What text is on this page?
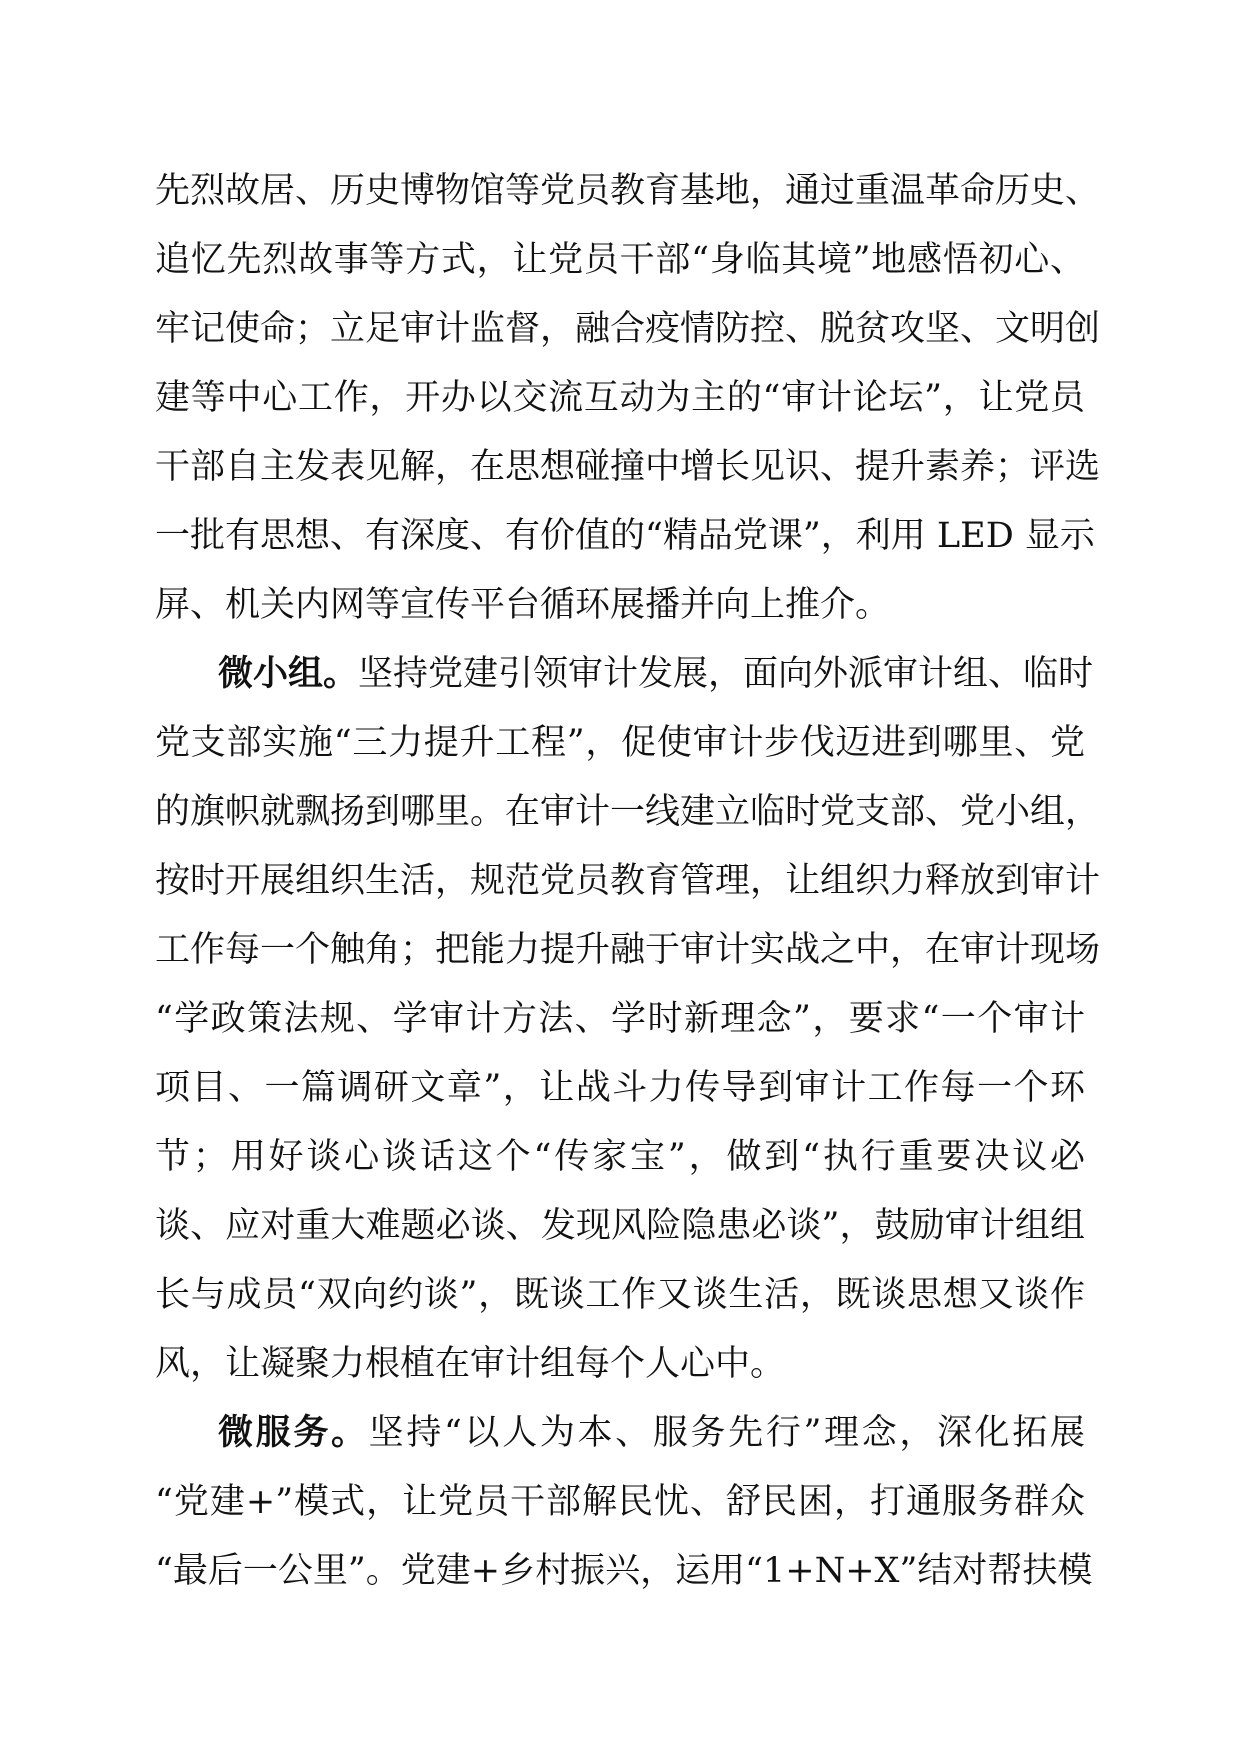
先烈故居、历史博物馆等党员教育基地，通过重温革命历史、
追忆先烈故事等方式，让党员干部“身临其境”地感悟初心、
牢记使命；立足审计监督，融合疫情防控、脱贫攻坚、文明创
建等中心工作，开办以交流互动为主的“审计论坛”，让党员
干部自主发表见解，在思想碰撞中增长见识、提升素养；评选
一批有思想、有深度、有价值的“精品党课”，利用 LED 显示
屏、机关内网等宣传平台循环展播并向上推介。
微小组。坚持党建引领审计发展，面向外派审计组、临时
党支部实施“三力提升工程”，促使审计步伐迈进到哪里、党
的旗帜就飘扬到哪里。在审计一线建立临时党支部、党小组，
按时开展组织生活，规范党员教育管理，让组织力释放到审计
工作每一个触角；把能力提升融于审计实战之中，在审计现场
“学政策法规、学审计方法、学时新理念”，要求“一个审计
项目、一篇调研文章”，让战斗力传导到审计工作每一个环
节；用好谈心谈话这个“传家宝”，做到“执行重要决议必
谈、应对重大难题必谈、发现风险隐患必谈”，鼓励审计组组
长与成员“双向约谈”，既谈工作又谈生活，既谈思想又谈作
风，让凝聚力根植在审计组每个人心中。
微服务。坚持“以人为本、服务先行”理念，深化拓展
“党建+”模式，让党员干部解民忧、舒民困，打通服务群众
“最后一公里”。党建+乡村振兴，运用“1+N+X”结对帮扶模
